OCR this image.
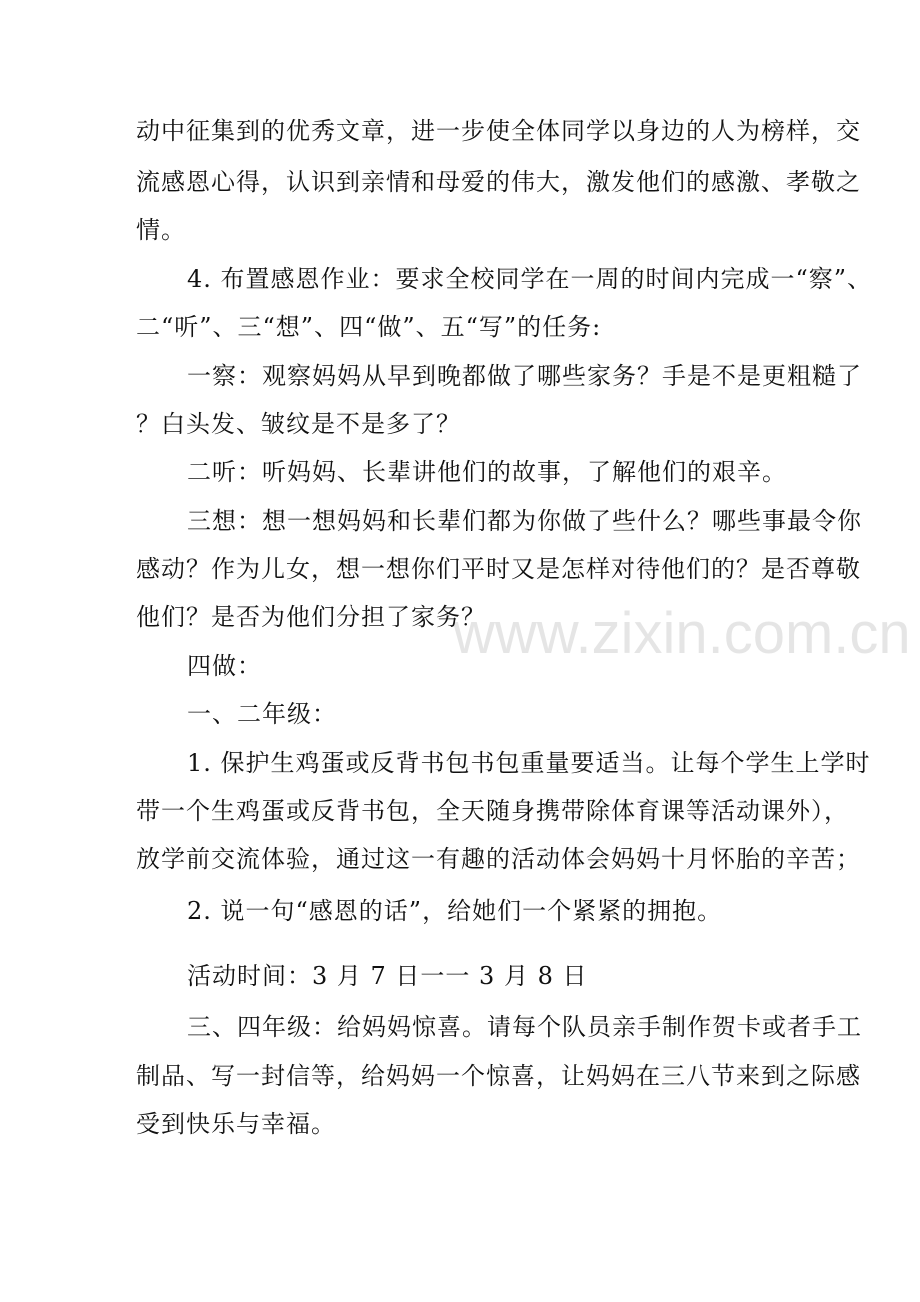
动中征集到的优秀文章，进一步使全体同学以身边的人为榜样，交
流感恩心得，认识到亲情和母爱的伟大，激发他们的感激、孝敬之
情。
4. 布置感恩作业：要求全校同学在一周的时间内完成一“察”、
二“听”、三“想”、四“做”、五“写”的任务:
一察：观察妈妈从早到晚都做了哪些家务？手是不是更粗糙了
？白头发、皱纹是不是多了？
二听：听妈妈、长辈讲他们的故事，了解他们的艰辛。
三想：想一想妈妈和长辈们都为你做了些什么？哪些事最令你
感动？作为儿女，想一想你们平时又是怎样对待他们的？是否尊敬
他们？是否为他们分担了家务？
四做：
一、二年级：
1. 保护生鸡蛋或反背书包书包重量要适当。让每个学生上学时
带一个生鸡蛋或反背书包，全天随身携带除体育课等活动课外），
放学前交流体验，通过这一有趣的活动体会妈妈十月怀胎的辛苦；
2. 说一句“感恩的话”，给她们一个紧紧的拥抱。
活动时间：3 月 7 日一一 3 月 8 日
三、四年级：给妈妈惊喜。请每个队员亲手制作贺卡或者手工
制品、写一封信等，给妈妈一个惊喜，让妈妈在三八节来到之际感
受到快乐与幸福。
www.zixin.com.cn
